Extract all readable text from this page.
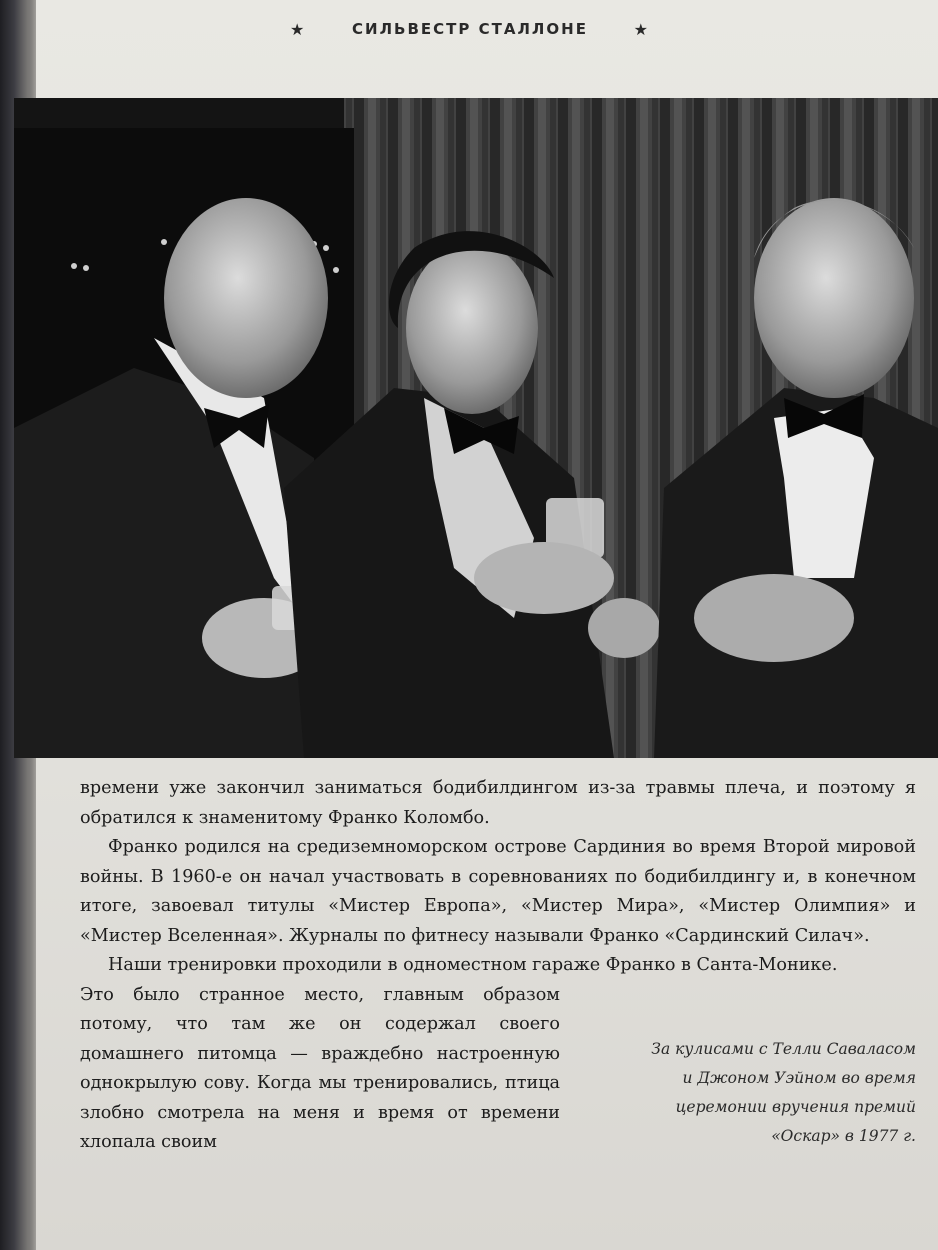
★	СИЛЬВЕСТР СТАЛЛОНЕ	★

времени уже закончил заниматься бодибилдингом из-за травмы плеча, и поэтому я обратился к знаменитому Франко Коломбо.

Франко родился на средиземноморском острове Сардиния во время Второй мировой войны. В 1960-е он начал участвовать в соревнованиях по бодибилдингу и, в конечном итоге, завоевал титулы «Мистер Европа», «Мистер Мира», «Мистер Олимпия» и «Мистер Вселенная». Журналы по фитнесу называли Франко «Сардинский Силач».

Наши тренировки проходили в одноместном гараже Франко в Санта-Монике.

Это было странное место, главным образом потому, что там же он содержал своего домашнего питомца — враждебно настроенную однокрылую сову. Когда мы тренировались, птица злобно смотрела на меня и время от времени хлопала своим

За кулисами с Телли Саваласом
и Джоном Уэйном во время
церемонии вручения премий
«Оскар» в 1977 г.
